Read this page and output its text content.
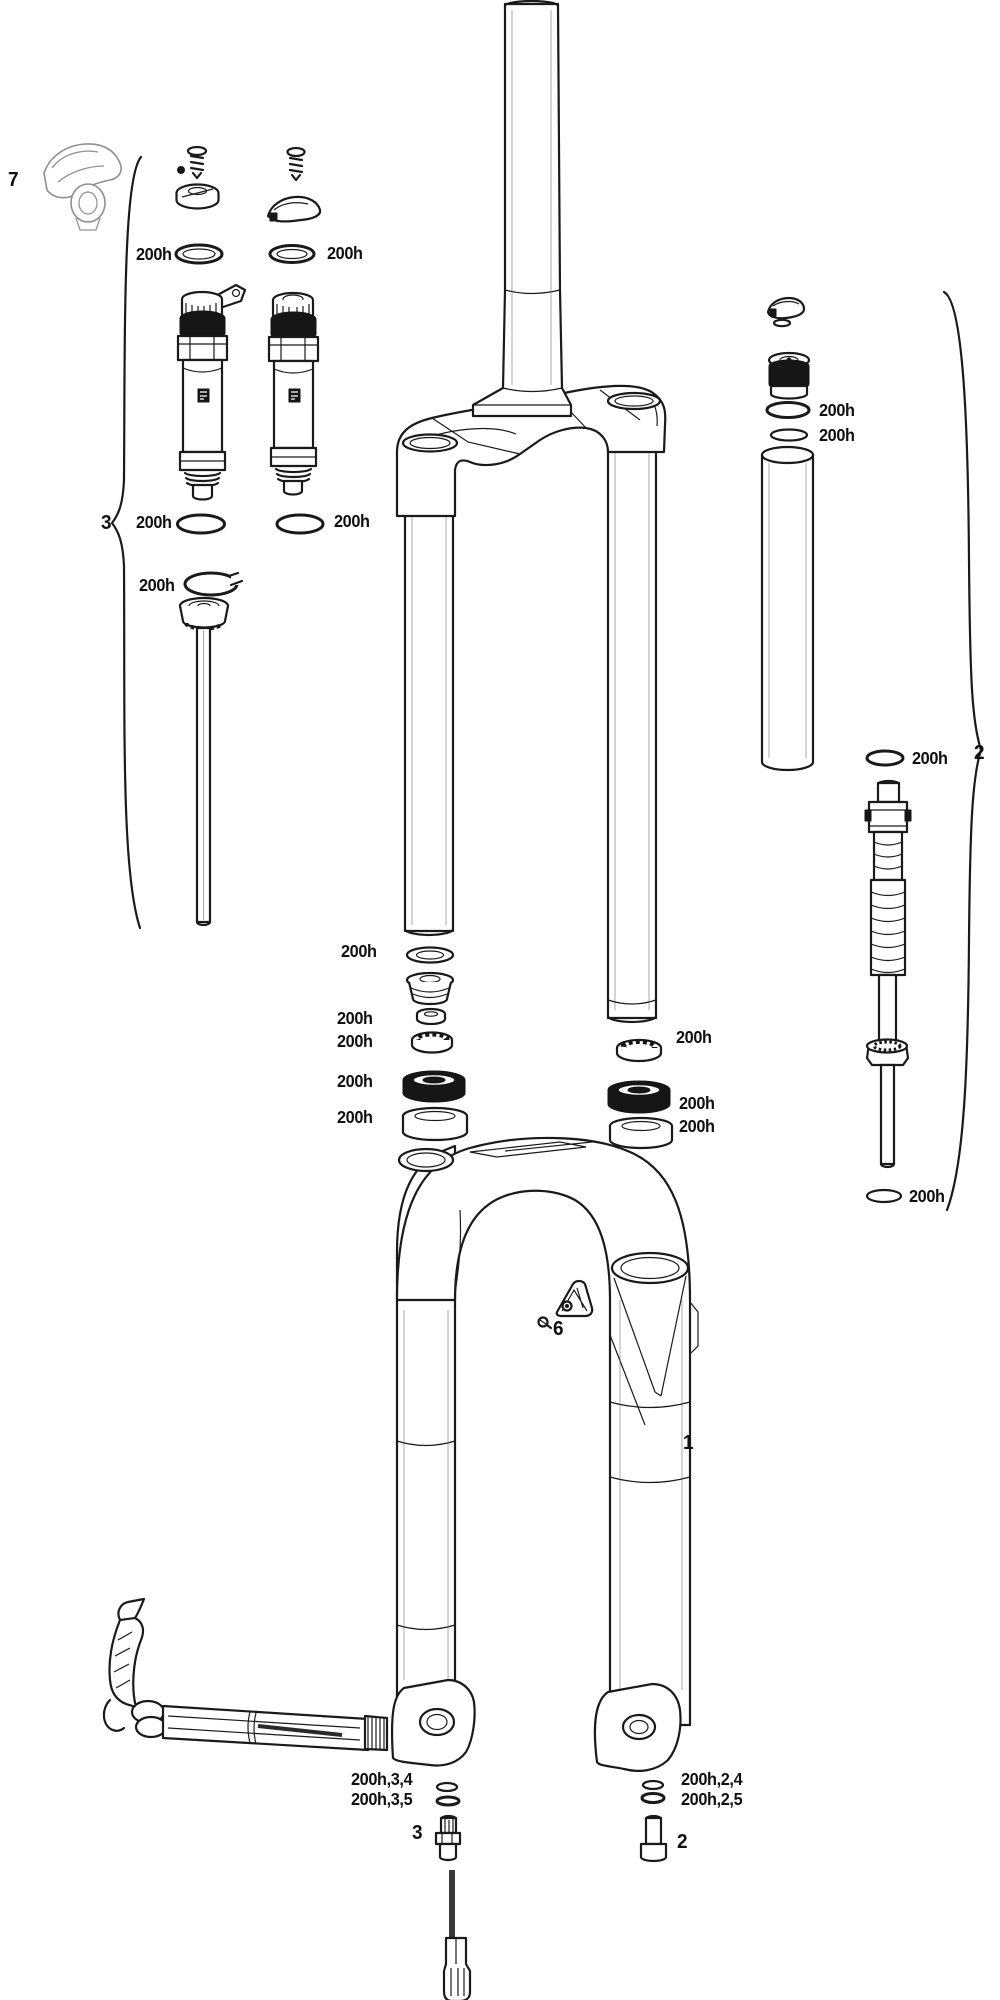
7
3
2
1
6
3	2
200h	200h
200h	200h
200h
200h
200h
200h
200h
200h
200h
200h
200h
200h
200h
200h
200h
200h,3,4
200h,3,5
200h,2,4
200h,2,5
